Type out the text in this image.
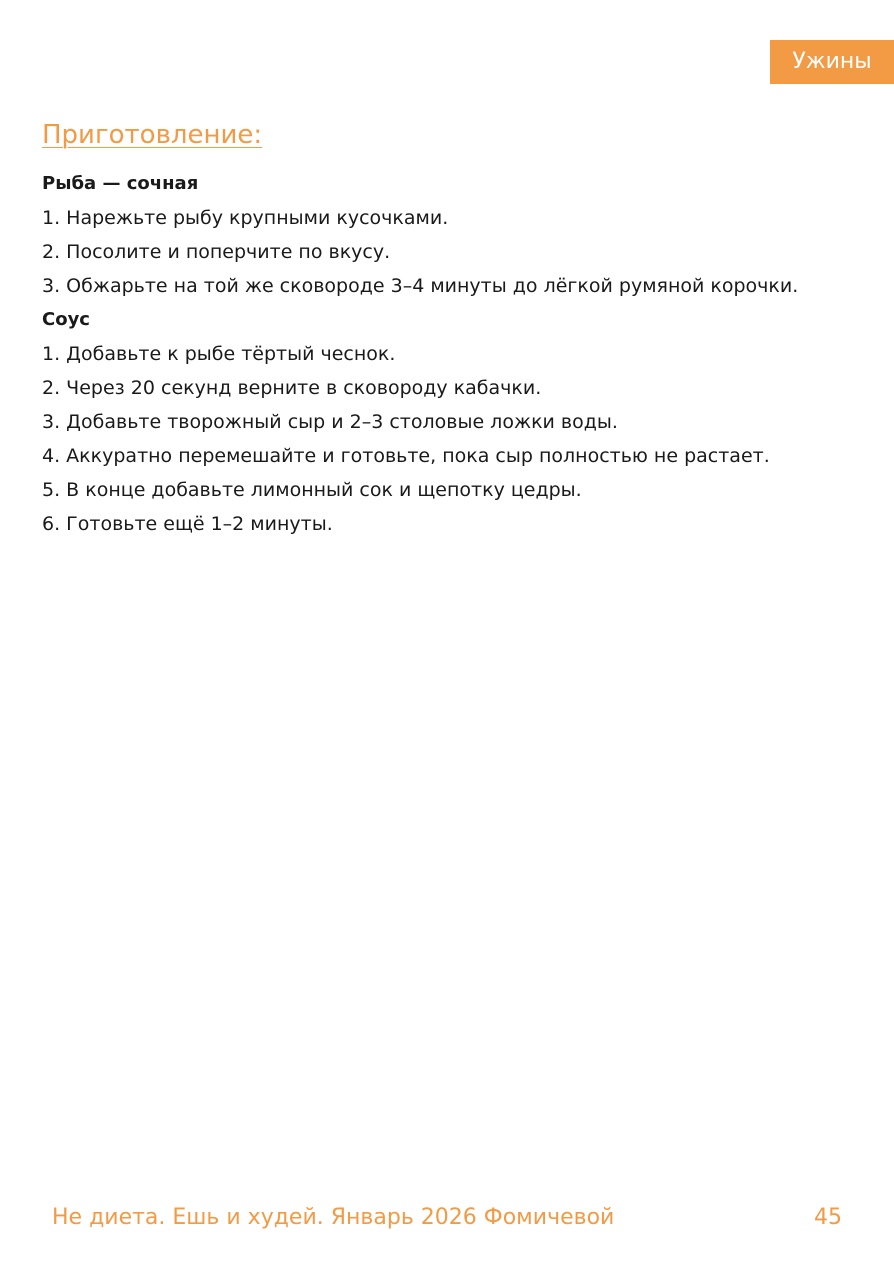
Ужины
Приготовление:

Рыба — сочная

1. Нарежьте рыбу крупными кусочками.
2. Посолите и поперчите по вкусу.
3. Обжарьте на той же сковороде 3–4 минуты до лёгкой румяной корочки.

Соус

1. Добавьте к рыбе тёртый чеснок.
2. Через 20 секунд верните в сковороду кабачки.
3. Добавьте творожный сыр и 2–3 столовые ложки воды.
4. Аккуратно перемешайте и готовьте, пока сыр полностью не растает.
5. В конце добавьте лимонный сок и щепотку цедры.
6. Готовьте ещё 1–2 минуты.
Не диета. Ешь и худей. Январь 2026 Фомичевой	45
